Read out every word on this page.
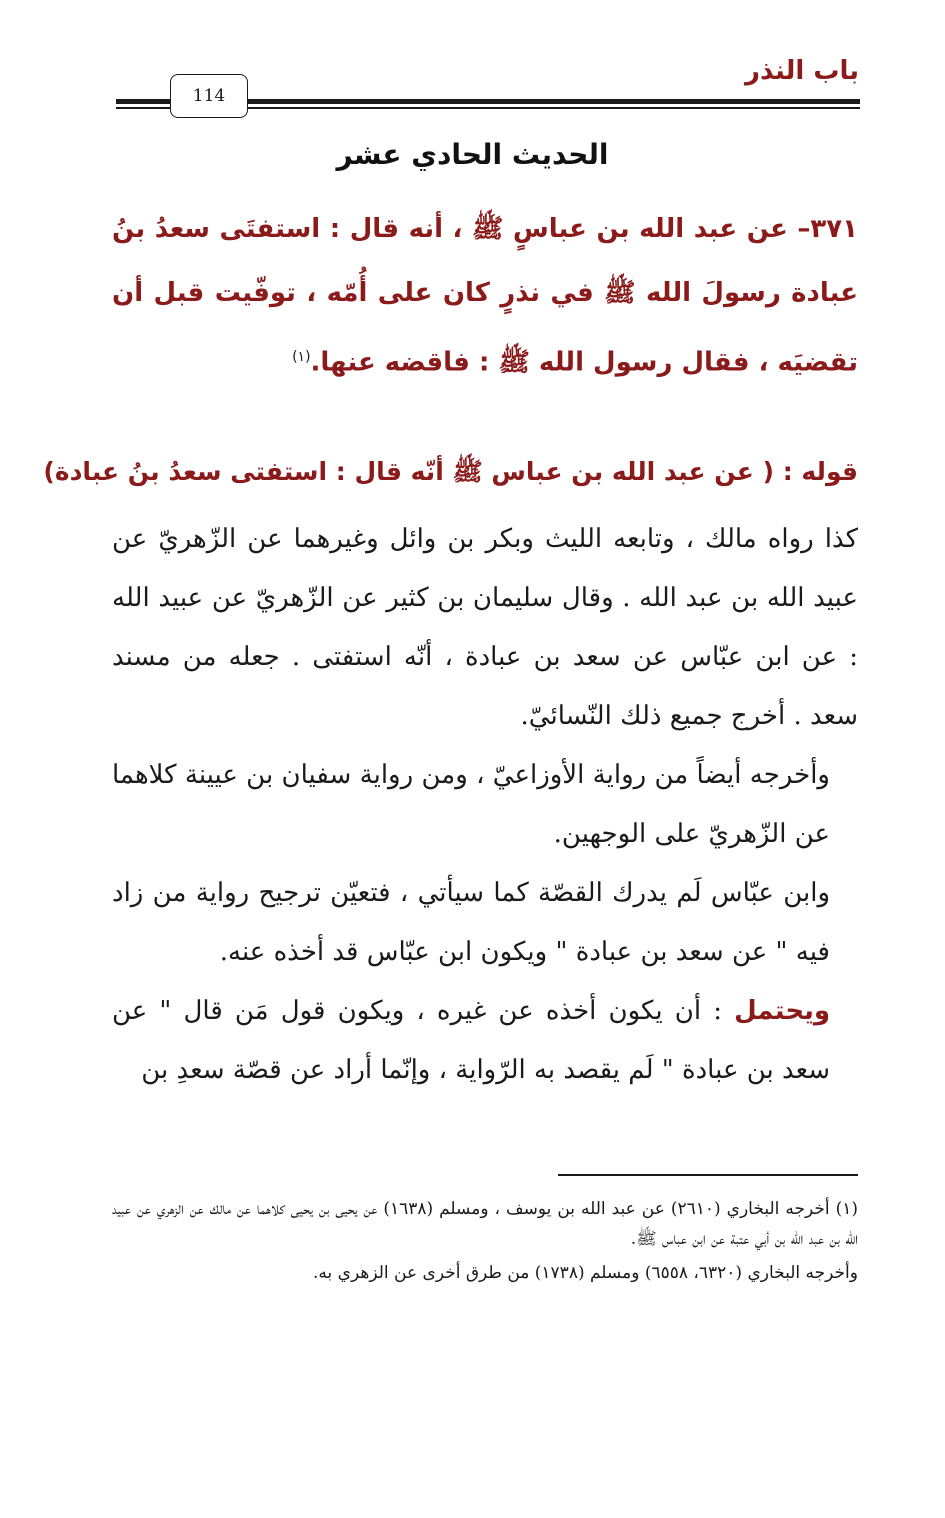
باب النذر
114
الحديث الحادي عشر
٣٧١– عن عبد الله بن عباسٍ ﷺ ، أنه قال : استفتَى سعدُ بنُ عبادة رسولَ الله ﷺ في نذرٍ كان على أُمّه ، توفّيت قبل أن تقضيَه ، فقال رسول الله ﷺ : فاقضه عنها.$^{(١)}$
قوله : ( عن عبد الله بن عباس ﷺ أنّه قال : استفتى سعدُ بنُ عبادة)

كذا رواه مالك ، وتابعه الليث وبكر بن وائل وغيرهما عن الزّهريّ عن عبيد الله بن عبد الله . وقال سليمان بن كثير عن الزّهريّ عن عبيد الله : عن ابن عبّاس عن سعد بن عبادة ، أنّه استفتى . جعله من مسند سعد . أخرج جميع ذلك النّسائيّ.

وأخرجه أيضاً من رواية الأوزاعيّ ، ومن رواية سفيان بن عيينة كلاهما عن الزّهريّ على الوجهين.

وابن عبّاس لَم يدرك القصّة كما سيأتي ، فتعيّن ترجيح رواية من زاد فيه " عن سعد بن عبادة " ويكون ابن عبّاس قد أخذه عنه.

ويحتمل : أن يكون أخذه عن غيره ، ويكون قول مَن قال " عن سعد بن عبادة " لَم يقصد به الرّواية ، وإنّما أراد عن قصّة سعدِ بن

(١) أخرجه البخاري (٢٦١٠) عن عبد الله بن يوسف ، ومسلم (١٦٣٨) عن يحيى بن يحيى كلاهما عن مالك عن الزهري عن عبيد الله بن عبد الله بن أبي عتبة عن ابن عباس ﷺ.

وأخرجه البخاري (٦٣٢٠، ٦٥٥٨) ومسلم (١٧٣٨) من طرق أخرى عن الزهري به.
